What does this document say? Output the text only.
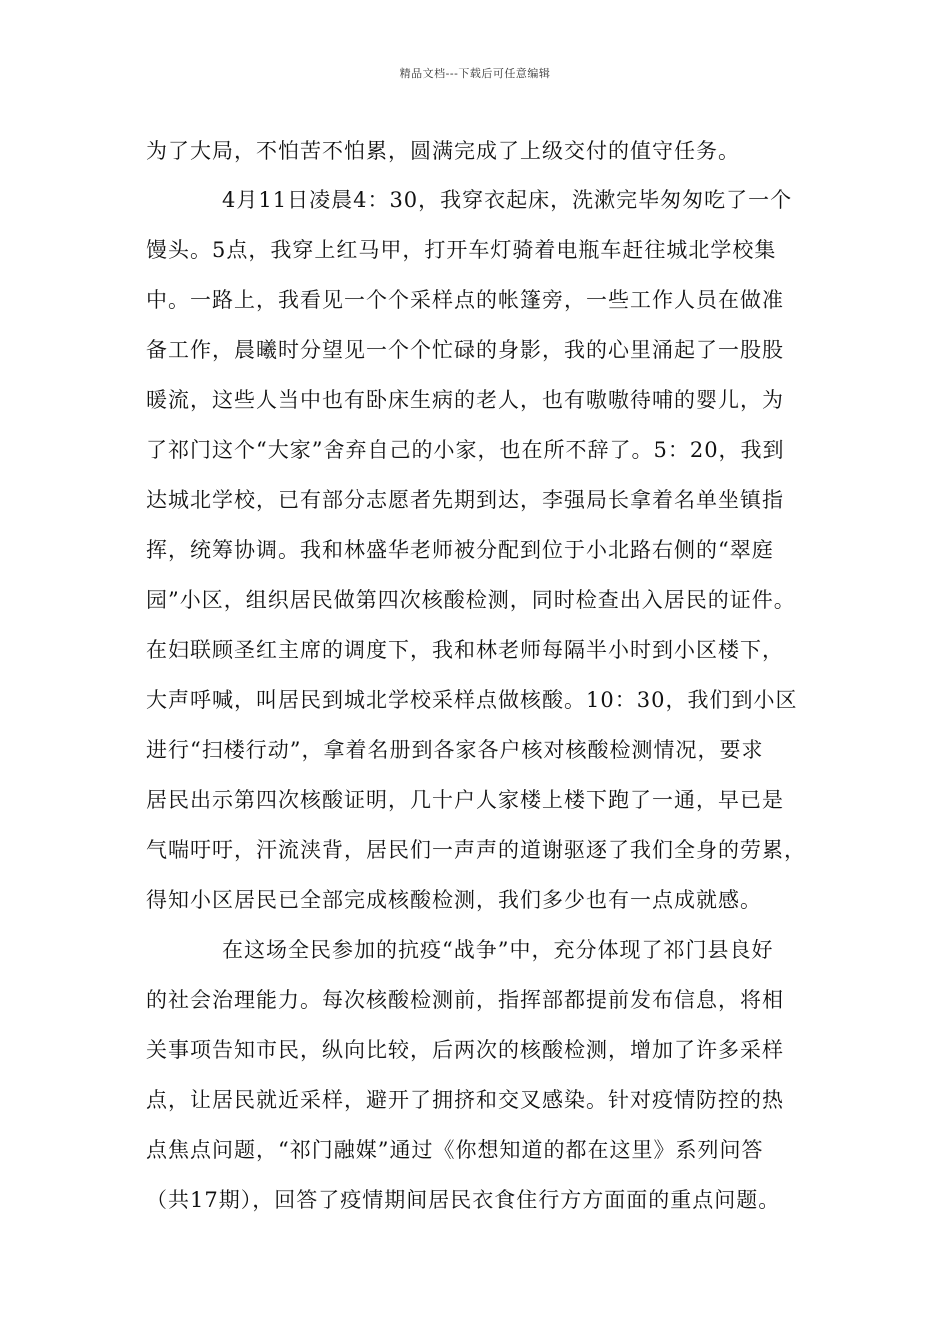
精品文档---下载后可任意编辑
为了大局，不怕苦不怕累，圆满完成了上级交付的值守任务。
4月11日凌晨4：30，我穿衣起床，洗漱完毕匆匆吃了一个
馒头。5点，我穿上红马甲，打开车灯骑着电瓶车赶往城北学校集
中。一路上，我看见一个个采样点的帐篷旁，一些工作人员在做准
备工作，晨曦时分望见一个个忙碌的身影，我的心里涌起了一股股
暖流，这些人当中也有卧床生病的老人，也有嗷嗷待哺的婴儿，为
了祁门这个“大家”舍弃自己的小家，也在所不辞了。5：20，我到
达城北学校，已有部分志愿者先期到达，李强局长拿着名单坐镇指
挥，统筹协调。我和林盛华老师被分配到位于小北路右侧的“翠庭
园”小区，组织居民做第四次核酸检测，同时检查出入居民的证件。
在妇联顾圣红主席的调度下，我和林老师每隔半小时到小区楼下，
大声呼喊，叫居民到城北学校采样点做核酸。10：30，我们到小区
进行“扫楼行动”，拿着名册到各家各户核对核酸检测情况，要求
居民出示第四次核酸证明，几十户人家楼上楼下跑了一通，早已是
气喘吁吁，汗流浃背，居民们一声声的道谢驱逐了我们全身的劳累，
得知小区居民已全部完成核酸检测，我们多少也有一点成就感。
在这场全民参加的抗疫“战争”中，充分体现了祁门县良好
的社会治理能力。每次核酸检测前，指挥部都提前发布信息，将相
关事项告知市民，纵向比较，后两次的核酸检测，增加了许多采样
点，让居民就近采样，避开了拥挤和交叉感染。针对疫情防控的热
点焦点问题，“祁门融媒”通过《你想知道的都在这里》系列问答
（共17期），回答了疫情期间居民衣食住行方方面面的重点问题。
